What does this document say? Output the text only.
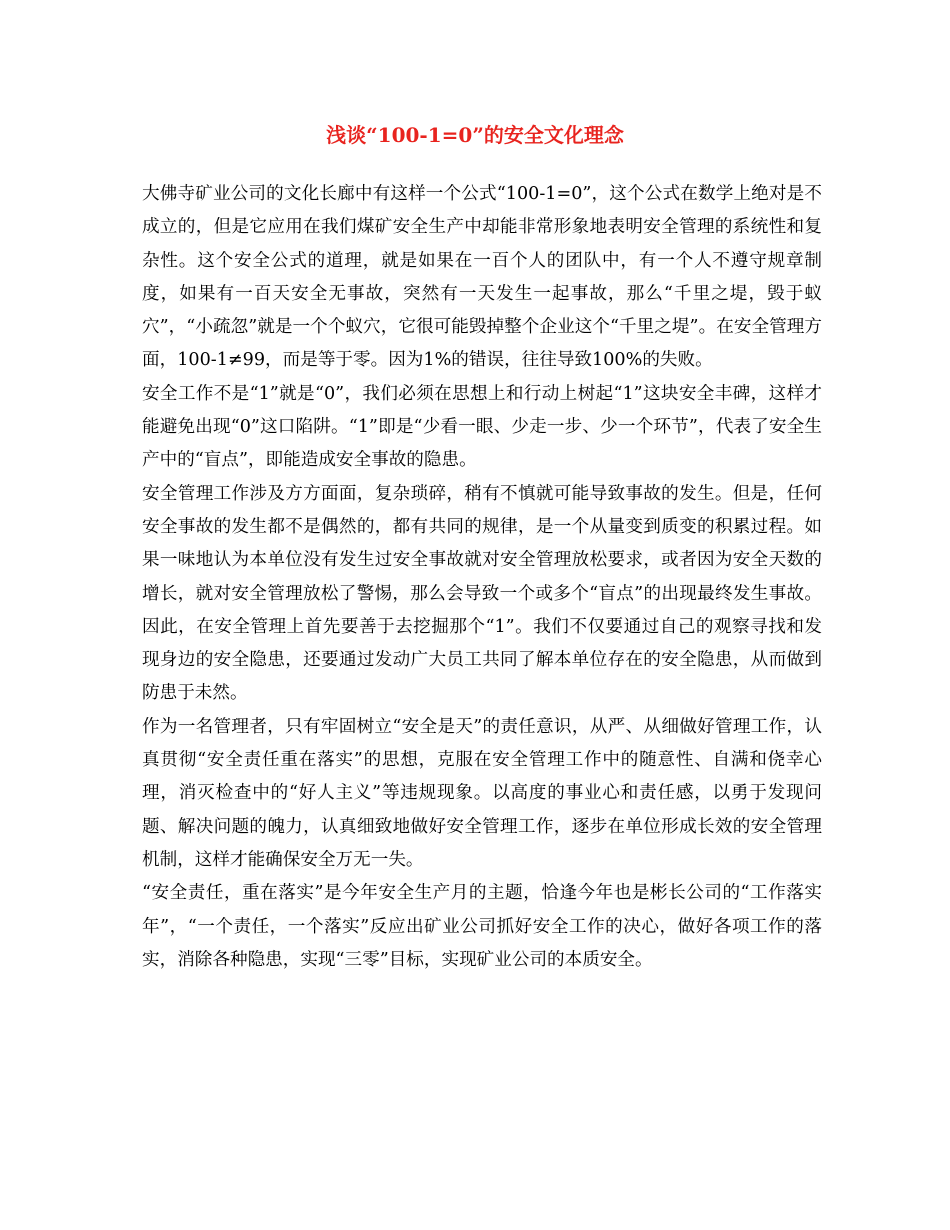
浅谈“100-1=0”的安全文化理念

大佛寺矿业公司的文化长廊中有这样一个公式“100-1=0”，这个公式在数学上绝对是不成立的，但是它应用在我们煤矿安全生产中却能非常形象地表明安全管理的系统性和复杂性。这个安全公式的道理，就是如果在一百个人的团队中，有一个人不遵守规章制度，如果有一百天安全无事故，突然有一天发生一起事故，那么“千里之堤，毁于蚁穴”，“小疏忽”就是一个个蚁穴，它很可能毁掉整个企业这个“千里之堤”。在安全管理方面，100-1≠99，而是等于零。因为1%的错误，往往导致100%的失败。

安全工作不是“1”就是“0”，我们必须在思想上和行动上树起“1”这块安全丰碑，这样才能避免出现“0”这口陷阱。“1”即是“少看一眼、少走一步、少一个环节”，代表了安全生产中的“盲点”，即能造成安全事故的隐患。

安全管理工作涉及方方面面，复杂琐碎，稍有不慎就可能导致事故的发生。但是，任何安全事故的发生都不是偶然的，都有共同的规律，是一个从量变到质变的积累过程。如果一味地认为本单位没有发生过安全事故就对安全管理放松要求，或者因为安全天数的增长，就对安全管理放松了警惕，那么会导致一个或多个“盲点”的出现最终发生事故。因此，在安全管理上首先要善于去挖掘那个“1”。我们不仅要通过自己的观察寻找和发现身边的安全隐患，还要通过发动广大员工共同了解本单位存在的安全隐患，从而做到防患于未然。

作为一名管理者，只有牢固树立“安全是天”的责任意识，从严、从细做好管理工作，认真贯彻“安全责任重在落实”的思想，克服在安全管理工作中的随意性、自满和侥幸心理，消灭检查中的“好人主义”等违规现象。以高度的事业心和责任感，以勇于发现问题、解决问题的魄力，认真细致地做好安全管理工作，逐步在单位形成长效的安全管理机制，这样才能确保安全万无一失。

“安全责任，重在落实”是今年安全生产月的主题，恰逢今年也是彬长公司的“工作落实年”，“一个责任，一个落实”反应出矿业公司抓好安全工作的决心，做好各项工作的落实，消除各种隐患，实现“三零”目标，实现矿业公司的本质安全。
